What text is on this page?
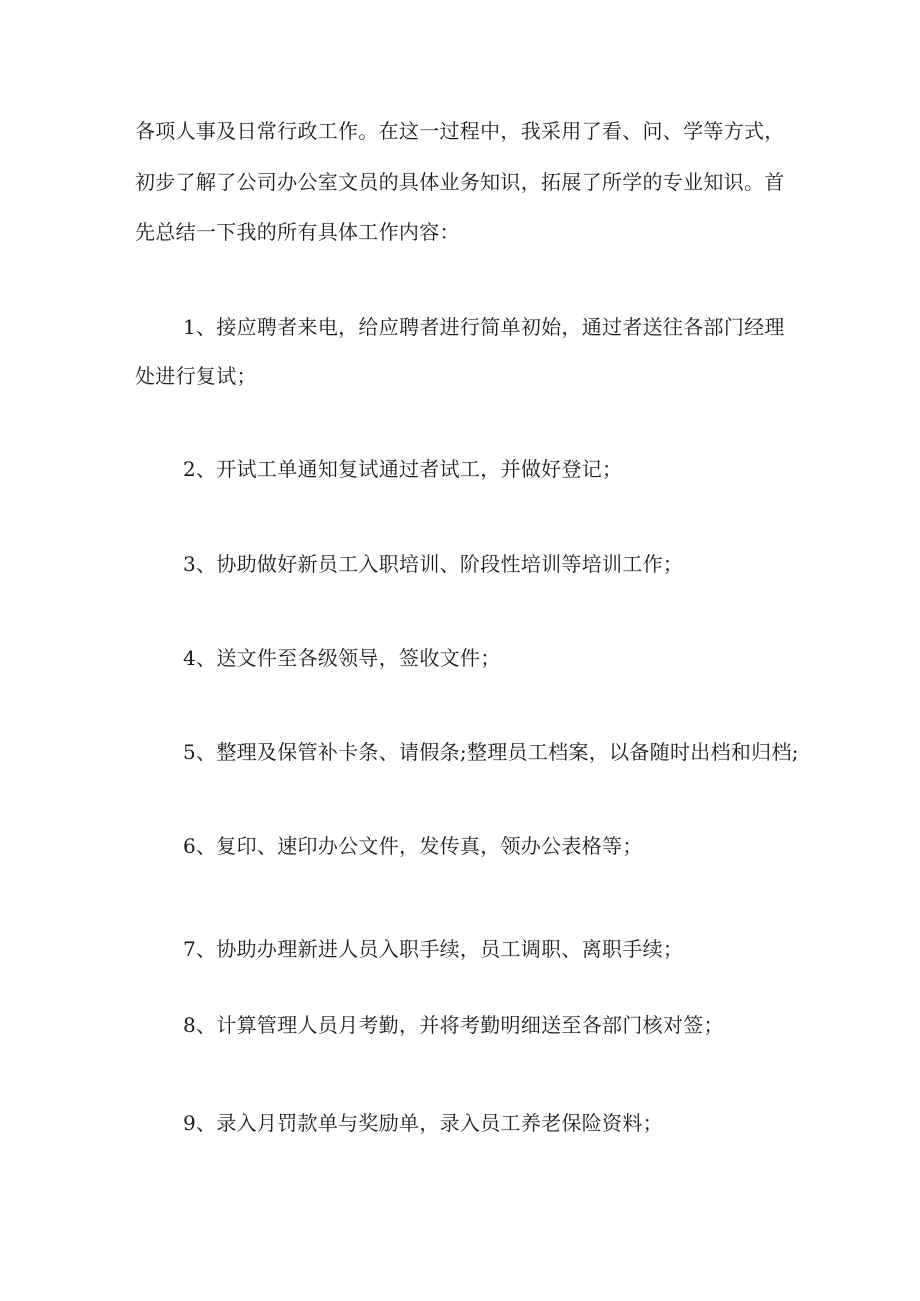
各项人事及日常行政工作。在这一过程中，我采用了看、问、学等方式，
初步了解了公司办公室文员的具体业务知识，拓展了所学的专业知识。首
先总结一下我的所有具体工作内容：
1、接应聘者来电，给应聘者进行简单初始，通过者送往各部门经理
处进行复试；
2、开试工单通知复试通过者试工，并做好登记；
3、协助做好新员工入职培训、阶段性培训等培训工作；
4、送文件至各级领导，签收文件；
5、整理及保管补卡条、请假条;整理员工档案，以备随时出档和归档;
6、复印、速印办公文件，发传真，领办公表格等；
7、协助办理新进人员入职手续，员工调职、离职手续；
8、计算管理人员月考勤，并将考勤明细送至各部门核对签；
9、录入月罚款单与奖励单，录入员工养老保险资料；
